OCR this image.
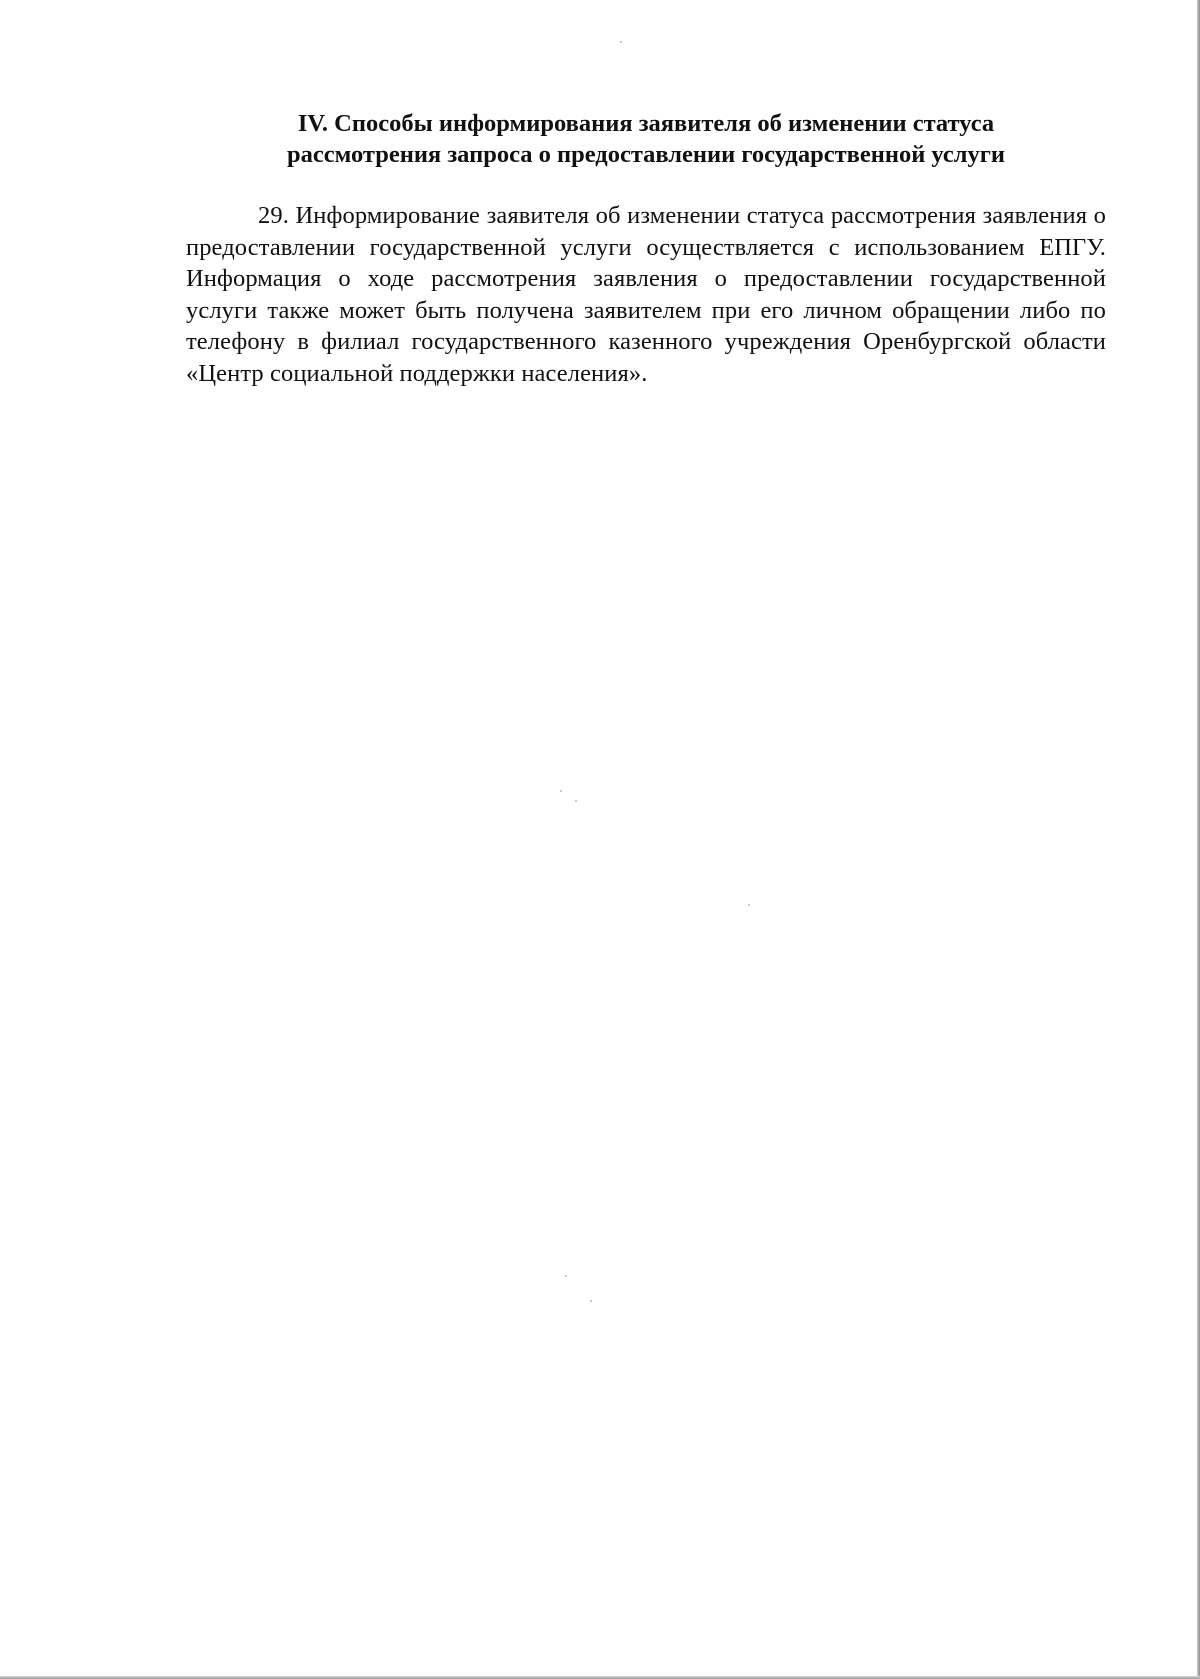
IV. Способы информирования заявителя об изменении статуса
рассмотрения запроса о предоставлении государственной услуги

29. Информирование заявителя об изменении статуса рассмотрения заявления о предоставлении государственной услуги осуществляется с использованием ЕПГУ. Информация о ходе рассмотрения заявления о предоставлении государственной услуги также может быть получена заявителем при его личном обращении либо по телефону в филиал государственного казенного учреждения Оренбургской области «Центр социальной поддержки населения».
